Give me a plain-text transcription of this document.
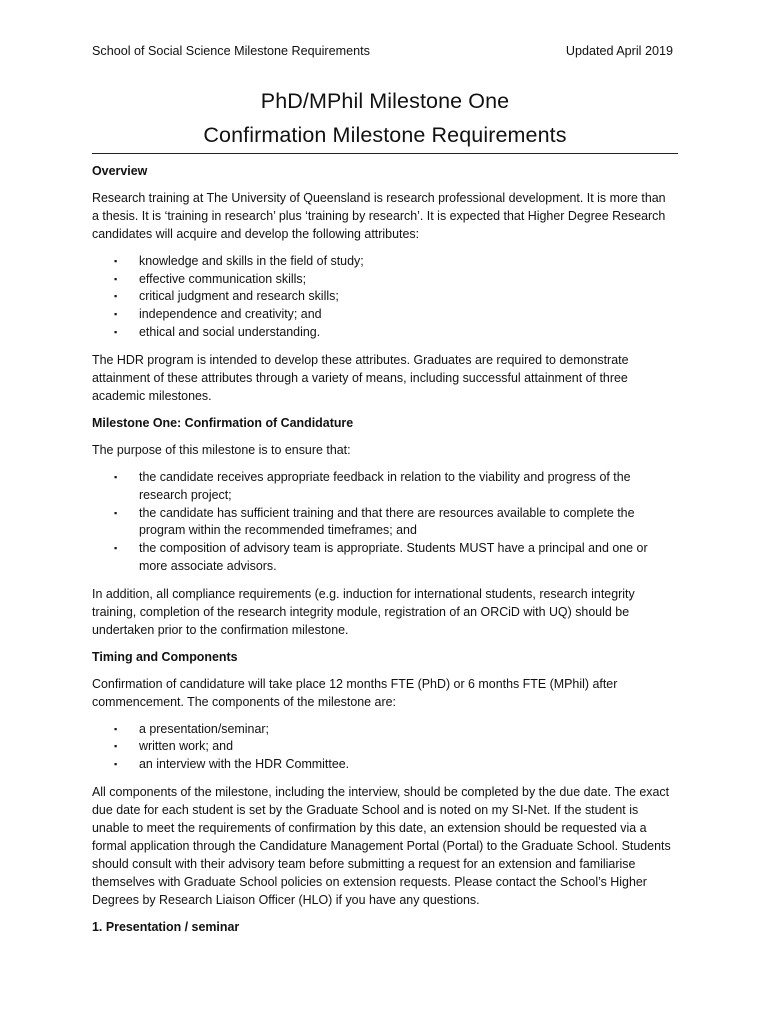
School of Social Science Milestone Requirements	Updated April 2019
PhD/MPhil Milestone One
Confirmation Milestone Requirements

Overview

Research training at The University of Queensland is research professional development. It is more than a thesis. It is ‘training in research’ plus ‘training by research’. It is expected that Higher Degree Research candidates will acquire and develop the following attributes:

▪ knowledge and skills in the field of study;
▪ effective communication skills;
▪ critical judgment and research skills;
▪ independence and creativity; and
▪ ethical and social understanding.

The HDR program is intended to develop these attributes. Graduates are required to demonstrate attainment of these attributes through a variety of means, including successful attainment of three academic milestones.

Milestone One: Confirmation of Candidature

The purpose of this milestone is to ensure that:

▪ the candidate receives appropriate feedback in relation to the viability and progress of the research project;
▪ the candidate has sufficient training and that there are resources available to complete the program within the recommended timeframes; and
▪ the composition of advisory team is appropriate. Students MUST have a principal and one or more associate advisors.

In addition, all compliance requirements (e.g. induction for international students, research integrity training, completion of the research integrity module, registration of an ORCiD with UQ) should be undertaken prior to the confirmation milestone.

Timing and Components

Confirmation of candidature will take place 12 months FTE (PhD) or 6 months FTE (MPhil) after commencement. The components of the milestone are:

▪ a presentation/seminar;
▪ written work; and
▪ an interview with the HDR Committee.

All components of the milestone, including the interview, should be completed by the due date. The exact due date for each student is set by the Graduate School and is noted on my SI-Net. If the student is unable to meet the requirements of confirmation by this date, an extension should be requested via a formal application through the Candidature Management Portal (Portal) to the Graduate School. Students should consult with their advisory team before submitting a request for an extension and familiarise themselves with Graduate School policies on extension requests. Please contact the School’s Higher Degrees by Research Liaison Officer (HLO) if you have any questions.

1. Presentation / seminar
